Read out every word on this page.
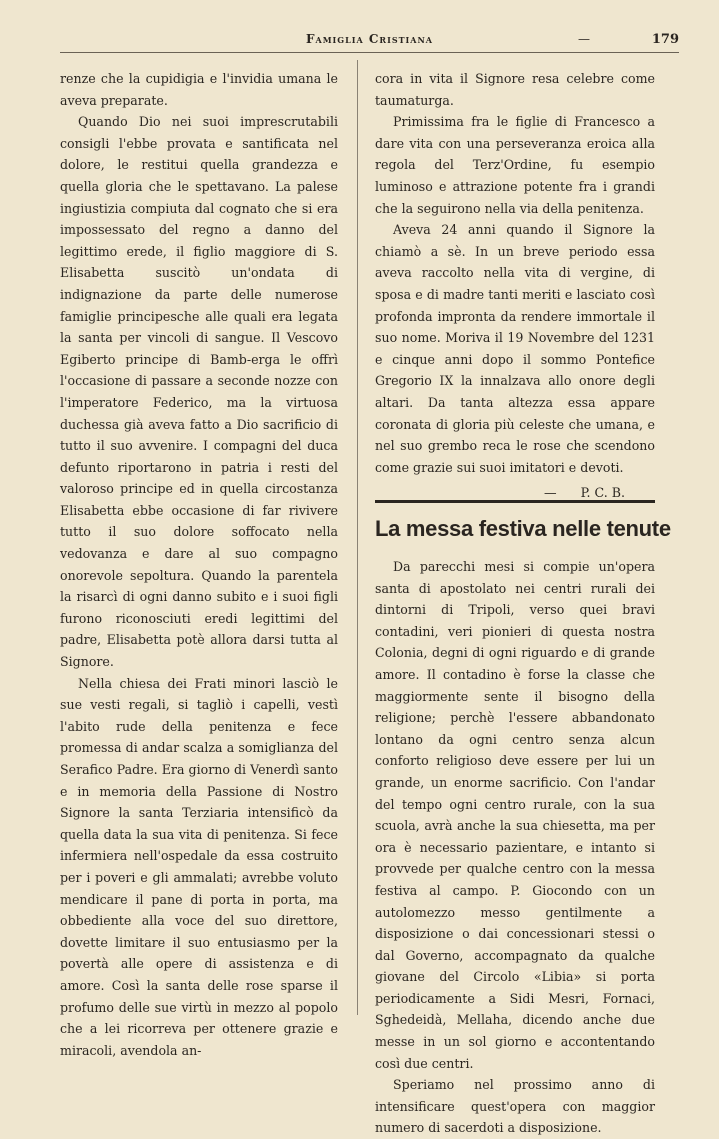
Famiglia Cristiana	—	179

renze che la cupidigia e l'invidia umana le aveva preparate.

Quando Dio nei suoi imprescrutabili consigli l'ebbe provata e santificata nel dolore, le restitui quella grandezza e quella gloria che le spettavano. La palese ingiustizia compiuta dal cognato che si era impossessato del regno a danno del legittimo erede, il figlio maggiore di S. Elisabetta suscitò un'ondata di indignazione da parte delle numerose famiglie principesche alle quali era legata la santa per vincoli di sangue. Il Vescovo Egiberto principe di Bamb-erga le offrì l'occasione di passare a seconde nozze con l'imperatore Federico, ma la virtuosa duchessa già aveva fatto a Dio sacrificio di tutto il suo avvenire. I compagni del duca defunto riportarono in patria i resti del valoroso principe ed in quella circostanza Elisabetta ebbe occasione di far rivivere tutto il suo dolore soffocato nella vedovanza e dare al suo compagno onorevole sepoltura. Quando la parentela la risarcì di ogni danno subito e i suoi figli furono riconosciuti eredi legittimi del padre, Elisabetta potè allora darsi tutta al Signore.

Nella chiesa dei Frati minori lasciò le sue vesti regali, si tagliò i capelli, vestì l'abito rude della penitenza e fece promessa di andar scalza a somiglianza del Serafico Padre. Era giorno di Venerdì santo e in memoria della Passione di Nostro Signore la santa Terziaria intensificò da quella data la sua vita di penitenza. Si fece infermiera nell'ospedale da essa costruito per i poveri e gli ammalati; avrebbe voluto mendicare il pane di porta in porta, ma obbediente alla voce del suo direttore, dovette limitare il suo entusiasmo per la povertà alle opere di assistenza e di amore. Così la santa delle rose sparse il profumo delle sue virtù in mezzo al popolo che a lei ricorreva per ottenere grazie e miracoli, avendola an-

cora in vita il Signore resa celebre come taumaturga.

Primissima fra le figlie di Francesco a dare vita con una perseveranza eroica alla regola del Terz'Ordine, fu esempio luminoso e attrazione potente fra i grandi che la seguirono nella via della penitenza.

Aveva 24 anni quando il Signore la chiamò a sè. In un breve periodo essa aveva raccolto nella vita di vergine, di sposa e di madre tanti meriti e lasciato così profonda impronta da rendere immortale il suo nome. Moriva il 19 Novembre del 1231 e cinque anni dopo il sommo Pontefice Gregorio IX la innalzava allo onore degli altari. Da tanta altezza essa appare coronata di gloria più celeste che umana, e nel suo grembo reca le rose che scendono come grazie sui suoi imitatori e devoti.

— P. C. B.

La messa festiva nelle tenute

Da parecchi mesi si compie un'opera santa di apostolato nei centri rurali dei dintorni di Tripoli, verso quei bravi contadini, veri pionieri di questa nostra Colonia, degni di ogni riguardo e di grande amore. Il contadino è forse la classe che maggiormente sente il bisogno della religione; perchè l'essere abbandonato lontano da ogni centro senza alcun conforto religioso deve essere per lui un grande, un enorme sacrificio. Con l'andar del tempo ogni centro rurale, con la sua scuola, avrà anche la sua chiesetta, ma per ora è necessario pazientare, e intanto si provvede per qualche centro con la messa festiva al campo. P. Giocondo con un autolomezzo messo gentilmente a disposizione o dai concessionari stessi o dal Governo, accompagnato da qualche giovane del Circolo «Libia» si porta periodicamente a Sidi Mesri, Fornaci, Sghedeidà, Mellaha, dicendo anche due messe in un sol giorno e accontentando così due centri.

Speriamo nel prossimo anno di intensificare quest'opera con maggior numero di sacerdoti a disposizione.
